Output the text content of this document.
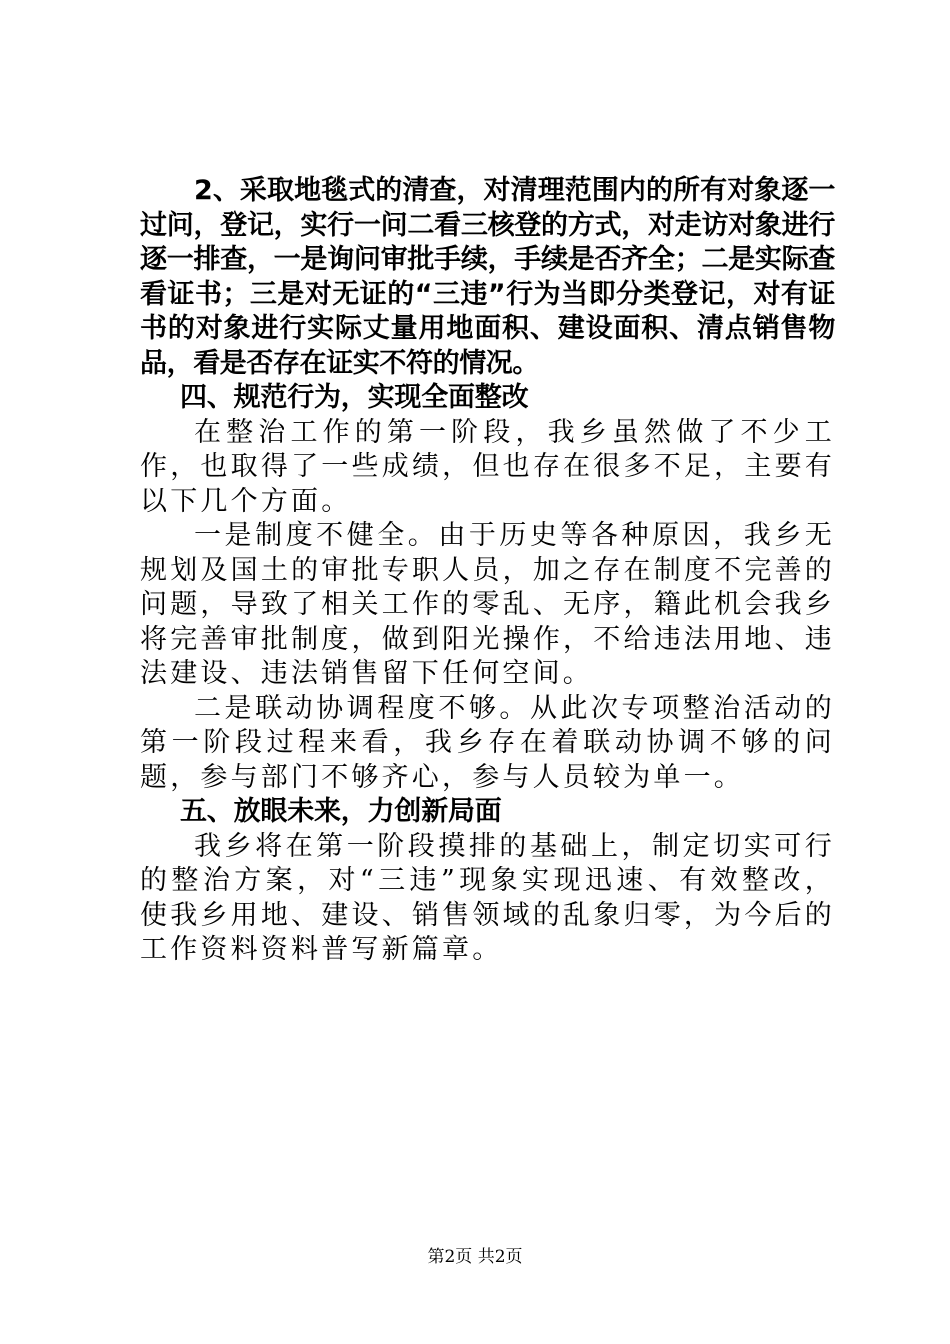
2、采取地毯式的清查，对清理范围内的所有对象逐一过问，登记，实行一问二看三核登的方式，对走访对象进行逐一排查，一是询问审批手续，手续是否齐全；二是实际查看证书；三是对无证的“三违”行为当即分类登记，对有证书的对象进行实际丈量用地面积、建设面积、清点销售物品，看是否存在证实不符的情况。

四、规范行为，实现全面整改

在整治工作的第一阶段，我乡虽然做了不少工作，也取得了一些成绩，但也存在很多不足，主要有以下几个方面。

一是制度不健全。由于历史等各种原因，我乡无规划及国土的审批专职人员，加之存在制度不完善的问题，导致了相关工作的零乱、无序，籍此机会我乡将完善审批制度，做到阳光操作，不给违法用地、违法建设、违法销售留下任何空间。

二是联动协调程度不够。从此次专项整治活动的第一阶段过程来看，我乡存在着联动协调不够的问题，参与部门不够齐心，参与人员较为单一。

五、放眼未来，力创新局面

我乡将在第一阶段摸排的基础上，制定切实可行的整治方案，对“三违”现象实现迅速、有效整改，使我乡用地、建设、销售领域的乱象归零，为今后的工作资料资料普写新篇章。

第2页 共2页
